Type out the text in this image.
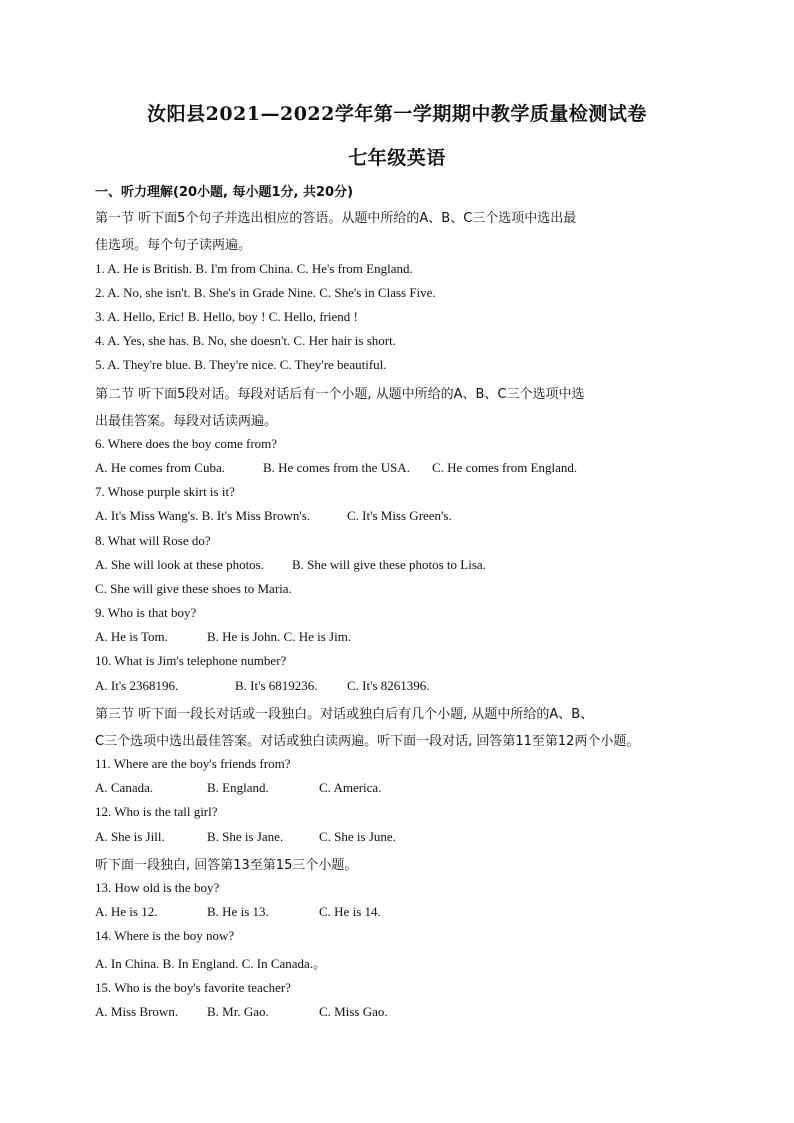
汝阳县2021—2022学年第一学期期中教学质量检测试卷
七年级英语
一、听力理解(20小题, 每小题1分, 共20分)
第一节 听下面5个句子并选出相应的答语。从题中所给的A、B、C三个选项中选出最
佳选项。每个句子读两遍。
1. A. He is British. B. I'm from China. C. He's from England.
2. A. No, she isn't. B. She's in Grade Nine. C. She's in Class Five.
3. A. Hello, Eric! B. Hello, boy ! C. Hello, friend !
4. A. Yes, she has. B. No, she doesn't. C. Her hair is short.
5. A. They're blue. B. They're nice. C. They're beautiful.
第二节 听下面5段对话。每段对话后有一个小题, 从题中所给的A、B、C三个选项中选
出最佳答案。每段对话读两遍。
6. Where does the boy come from?
A. He comes from Cuba.	B. He comes from the USA. C. He comes from England.
7. Whose purple skirt is it?
A. It's Miss Wang's. B. It's Miss Brown's.	C. It's Miss Green's.
8. What will Rose do?
A. She will look at these photos. B. She will give these photos to Lisa.
C. She will give these shoes to Maria.
9. Who is that boy?
A. He is Tom.	B. He is John. C. He is Jim.
10. What is Jim's telephone number?
A. It's 2368196.	B. It's 6819236. C. It's 8261396.
第三节 听下面一段长对话或一段独白。对话或独白后有几个小题, 从题中所给的A、B、
C三个选项中选出最佳答案。对话或独白读两遍。听下面一段对话, 回答第11至第12两个小题。
11. Where are the boy's friends from?
A. Canada.	B. England.	C. America.
12. Who is the tall girl?
A. She is Jill.	B. She is Jane.	C. She is June.
听下面一段独白, 回答第13至第15三个小题。
13. How old is the boy?
A. He is 12.	B. He is 13.	C. He is 14.
14. Where is the boy now?
A. In China. B. In England. C. In Canada.。
15. Who is the boy's favorite teacher?
A. Miss Brown. B. Mr. Gao.	C. Miss Gao.
